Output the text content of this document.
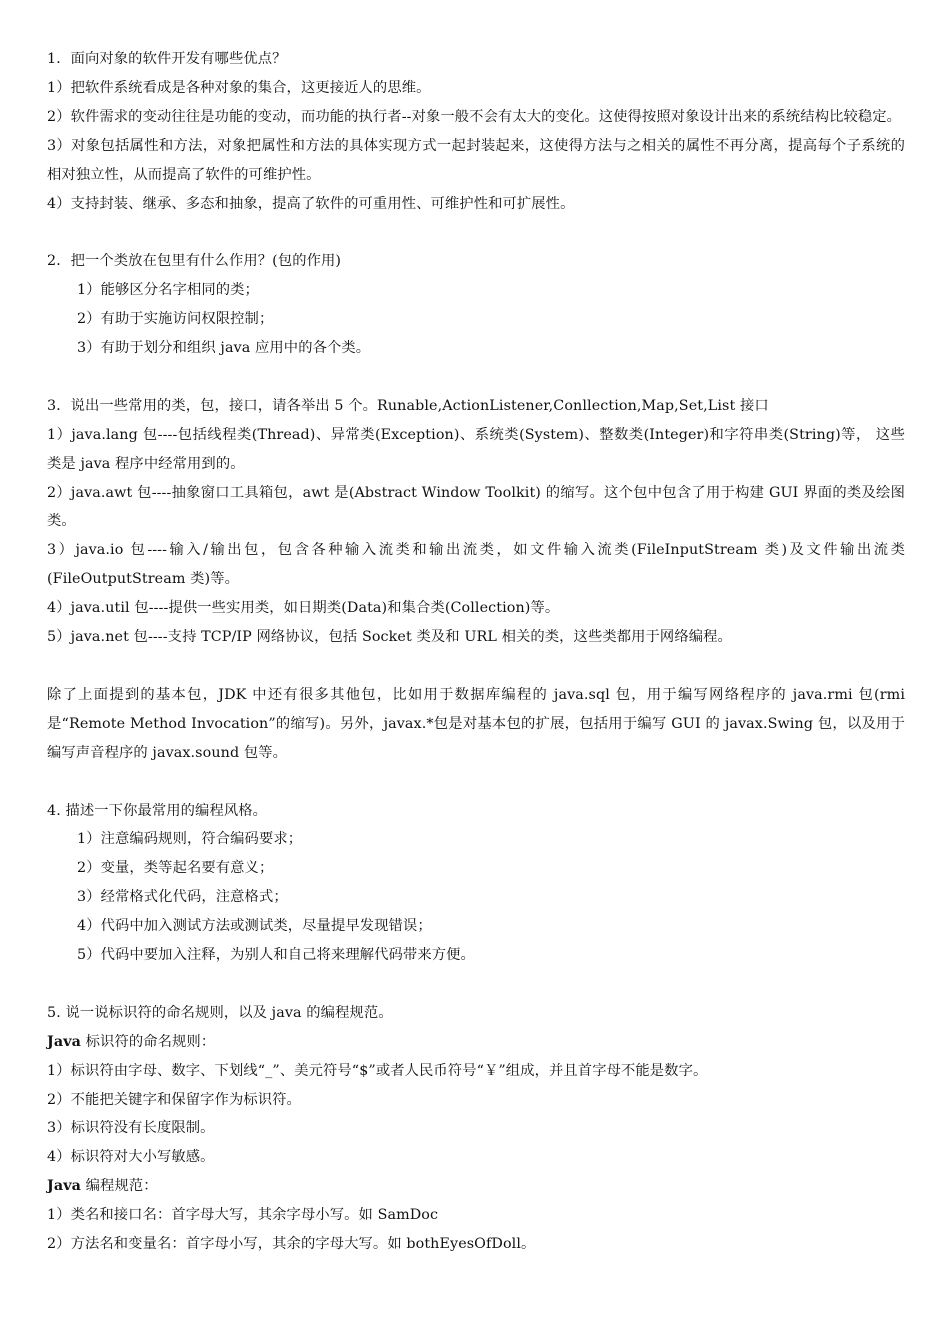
1．面向对象的软件开发有哪些优点？

1）把软件系统看成是各种对象的集合，这更接近人的思维。

2）软件需求的变动往往是功能的变动，而功能的执行者--对象一般不会有太大的变化。这使得按照对象设计出来的系统结构比较稳定。

3）对象包括属性和方法，对象把属性和方法的具体实现方式一起封装起来，这使得方法与之相关的属性不再分离，提高每个子系统的相对独立性，从而提高了软件的可维护性。

4）支持封装、继承、多态和抽象，提高了软件的可重用性、可维护性和可扩展性。

2．把一个类放在包里有什么作用？(包的作用)

1）能够区分名字相同的类；

2）有助于实施访问权限控制；

3）有助于划分和组织 java 应用中的各个类。

3．说出一些常用的类，包，接口，请各举出 5 个。Runable,ActionListener,Conllection,Map,Set,List 接口

1）java.lang 包----包括线程类(Thread)、异常类(Exception)、系统类(System)、整数类(Integer)和字符串类(String)等， 这些类是 java 程序中经常用到的。

2）java.awt 包----抽象窗口工具箱包，awt 是(Abstract Window Toolkit) 的缩写。这个包中包含了用于构建 GUI 界面的类及绘图类。

3）java.io 包----输入/输出包，包含各种输入流类和输出流类，如文件输入流类(FileInputStream 类)及文件输出流类(FileOutputStream 类)等。

4）java.util 包----提供一些实用类，如日期类(Data)和集合类(Collection)等。

5）java.net 包----支持 TCP/IP 网络协议，包括 Socket 类及和 URL 相关的类，这些类都用于网络编程。

除了上面提到的基本包，JDK 中还有很多其他包，比如用于数据库编程的 java.sql 包，用于编写网络程序的 java.rmi 包(rmi 是“Remote Method Invocation”的缩写)。另外，javax.*包是对基本包的扩展，包括用于编写 GUI 的 javax.Swing 包，以及用于编写声音程序的 javax.sound 包等。

4. 描述一下你最常用的编程风格。

1）注意编码规则，符合编码要求；

2）变量，类等起名要有意义；

3）经常格式化代码，注意格式；

4）代码中加入测试方法或测试类，尽量提早发现错误；

5）代码中要加入注释，为别人和自己将来理解代码带来方便。

5. 说一说标识符的命名规则，以及 java 的编程规范。

Java 标识符的命名规则：

1）标识符由字母、数字、下划线“_”、美元符号“$”或者人民币符号“￥”组成，并且首字母不能是数字。

2）不能把关键字和保留字作为标识符。

3）标识符没有长度限制。

4）标识符对大小写敏感。

Java 编程规范：

1）类名和接口名：首字母大写，其余字母小写。如 SamDoc

2）方法名和变量名：首字母小写，其余的字母大写。如 bothEyesOfDoll。
